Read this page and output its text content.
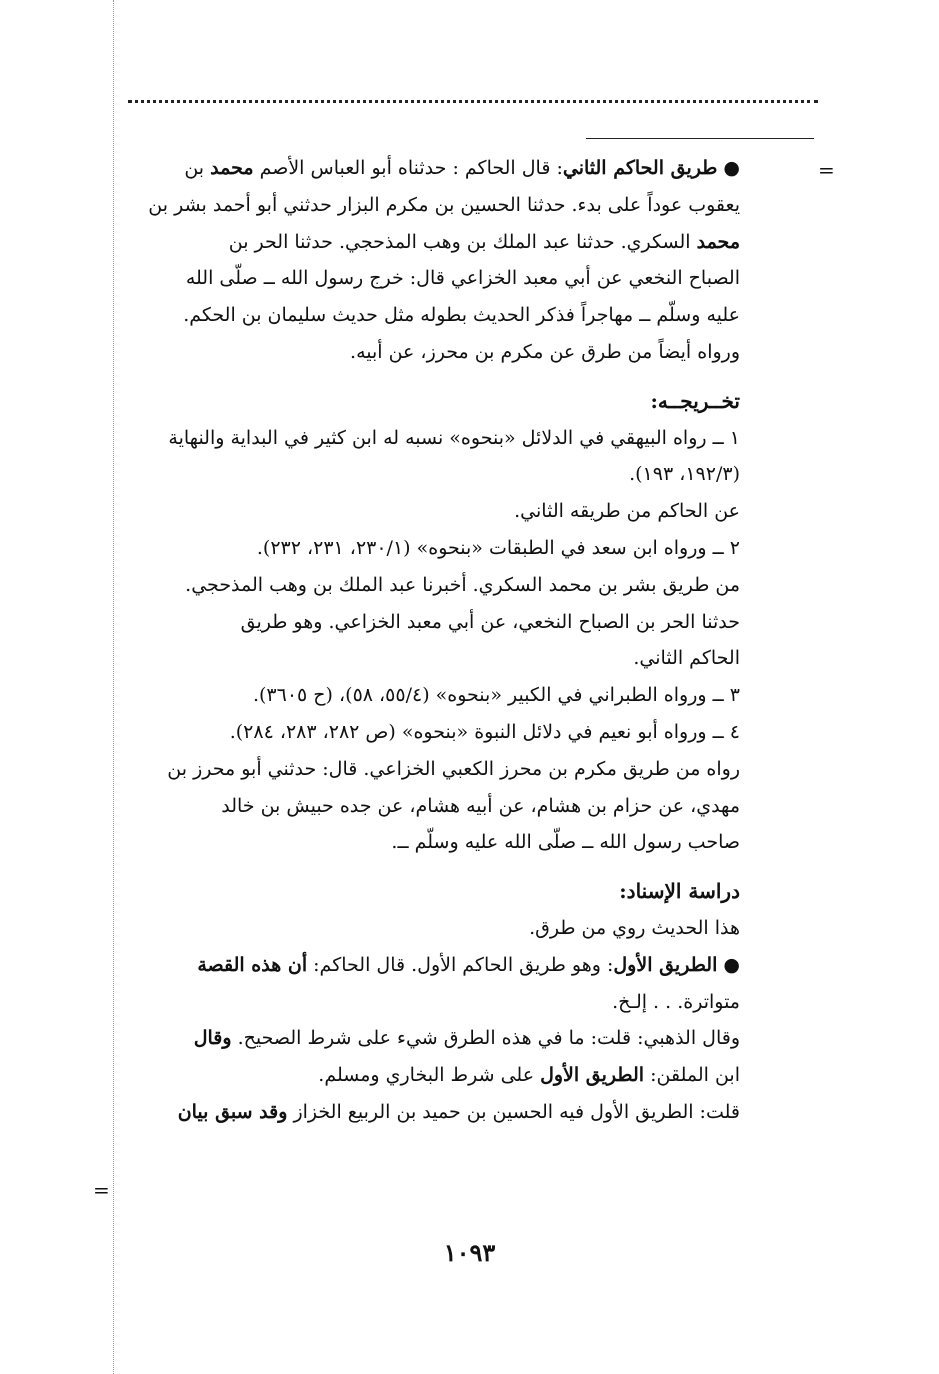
=
=

● طريق الحاكم الثاني: قال الحاكم : حدثناه أبو العباس الأصم محمد بن

يعقوب عوداً على بدء. حدثنا الحسين بن مكرم البزار حدثني أبو أحمد بشر بن

محمد السكري. حدثنا عبد الملك بن وهب المذحجي. حدثنا الحر بن

الصباح النخعي عن أبي معبد الخزاعي قال: خرج رسول الله ــ صلّى الله

عليه وسلّم ــ مهاجراً فذكر الحديث بطوله مثل حديث سليمان بن الحكم.

ورواه أيضاً من طرق عن مكرم بن محرز، عن أبيه.

تخــريجــه:

١ ــ رواه البيهقي في الدلائل «بنحوه» نسبه له ابن كثير في البداية والنهاية

(١٩٢/٣، ١٩٣).

عن الحاكم من طريقه الثاني.

٢ ــ ورواه ابن سعد في الطبقات «بنحوه» (٢٣٠/١، ٢٣١، ٢٣٢).

من طريق بشر بن محمد السكري. أخبرنا عبد الملك بن وهب المذحجي.

حدثنا الحر بن الصباح النخعي، عن أبي معبد الخزاعي. وهو طريق

الحاكم الثاني.

٣ ــ ورواه الطبراني في الكبير «بنحوه» (٥٥/٤، ٥٨)، (ح ٣٦٠٥).

٤ ــ ورواه أبو نعيم في دلائل النبوة «بنحوه» (ص ٢٨٢، ٢٨٣، ٢٨٤).

رواه من طريق مكرم بن محرز الكعبي الخزاعي. قال: حدثني أبو محرز بن

مهدي، عن حزام بن هشام، عن أبيه هشام، عن جده حبيش بن خالد

صاحب رسول الله ــ صلّى الله عليه وسلّم ــ.

دراسة الإسناد:

هذا الحديث روي من طرق.

● الطريق الأول: وهو طريق الحاكم الأول. قال الحاكم: أن هذه القصة

متواترة. . . إلـخ.

وقال الذهبي: قلت: ما في هذه الطرق شيء على شرط الصحيح. وقال

ابن الملقن: الطريق الأول على شرط البخاري ومسلم.

قلت: الطريق الأول فيه الحسين بن حميد بن الربيع الخزاز وقد سبق بيان

١٠٩٣
